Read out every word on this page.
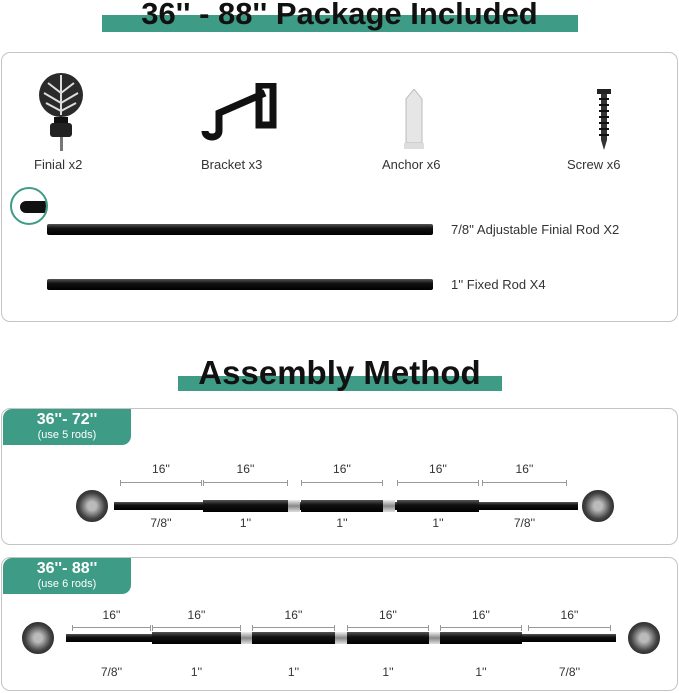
36'' - 88'' Package Included
Finial x2	Bracket x3	Anchor x6	Screw x6
7/8'' Adjustable Finial Rod X2
1'' Fixed Rod X4
Assembly Method
36''- 72''
(use 5 rods)
16''
7/8''
16''
1''
16''
1''
16''
1''
16''
7/8''
36''- 88''
(use 6 rods)
16''
7/8''
16''
1''
16''
1''
16''
1''
16''
1''
16''
7/8''
